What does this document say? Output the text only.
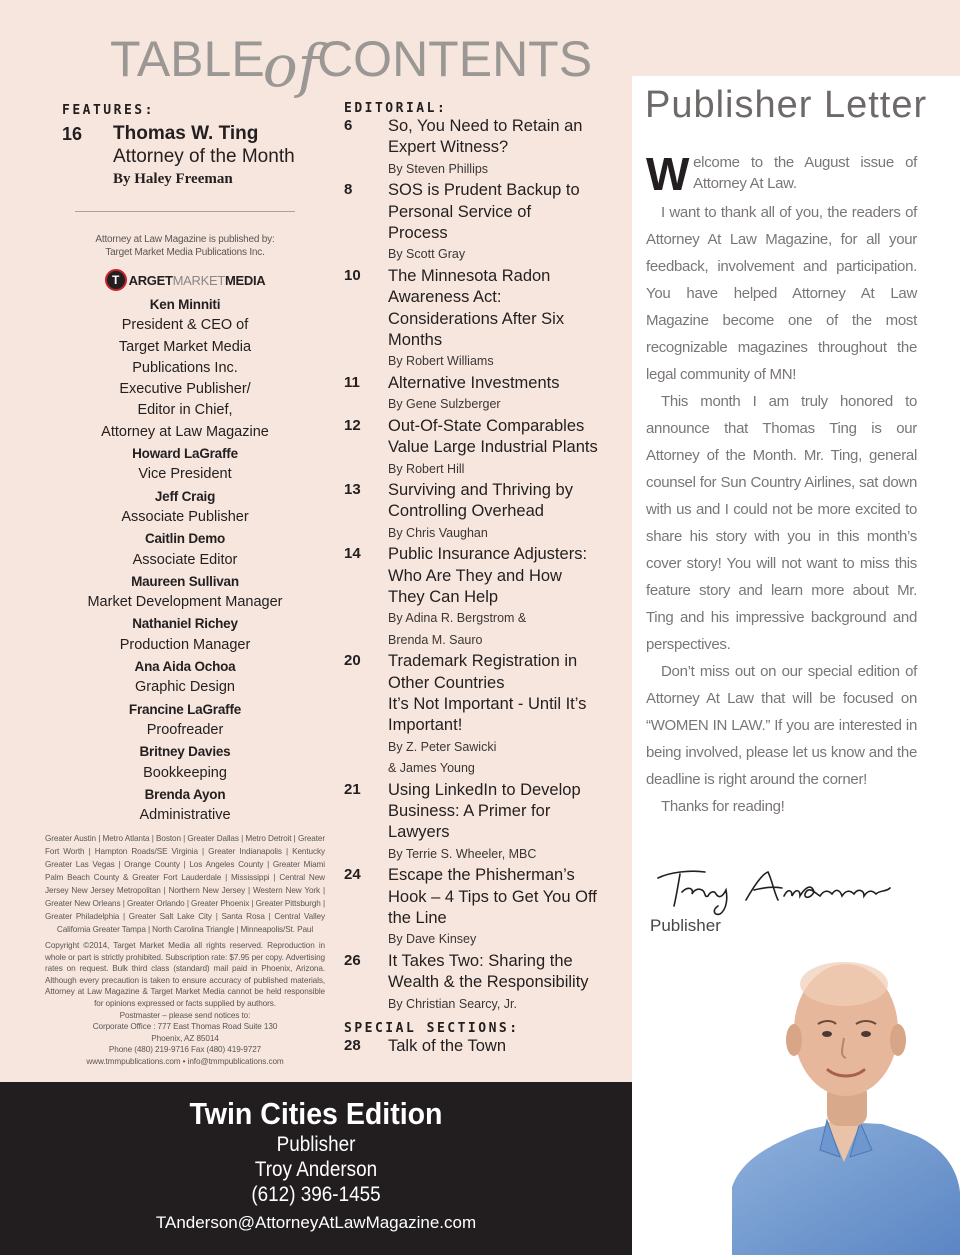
TABLEofCONTENTS
FEATURES:
16 Thomas W. Ting
Attorney of the Month
By Haley Freeman
Attorney at Law Magazine is published by:
Target Market Media Publications Inc.
T ARGETMARKETMEDIA
Ken Minniti
President & CEO of
Target Market Media
Publications Inc.
Executive Publisher/
Editor in Chief,
Attorney at Law Magazine
Howard LaGraffe
Vice President
Jeff Craig
Associate Publisher
Caitlin Demo
Associate Editor
Maureen Sullivan
Market Development Manager
Nathaniel Richey
Production Manager
Ana Aida Ochoa
Graphic Design
Francine LaGraffe
Proofreader
Britney Davies
Bookkeeping
Brenda Ayon
Administrative
Greater Austin | Metro Atlanta | Boston | Greater Dallas | Metro Detroit | Greater Fort Worth | Hampton Roads/SE Virginia | Greater Indianapolis | Kentucky Greater Las Vegas | Orange County | Los Angeles County | Greater Miami Palm Beach County & Greater Fort Lauderdale | Mississippi | Central New Jersey New Jersey Metropolitan | Northern New Jersey | Western New York | Greater New Orleans | Greater Orlando | Greater Phoenix | Greater Pittsburgh | Greater Philadelphia | Greater Salt Lake City | Santa Rosa | Central Valley California Greater Tampa | North Carolina Triangle | Minneapolis/St. Paul
Copyright ©2014, Target Market Media all rights reserved. Reproduction in whole or part is strictly prohibited. Subscription rate: $7.95 per copy. Advertising rates on request. Bulk third class (standard) mail paid in Phoenix, Arizona. Although every precaution is taken to ensure accuracy of published materials, Attorney at Law Magazine & Target Market Media cannot be held responsible for opinions expressed or facts supplied by authors.
Postmaster – please send notices to:
Corporate Office : 777 East Thomas Road Suite 130
Phoenix, AZ 85014
Phone (480) 219-9716 Fax (480) 419-9727
www.tmmpublications.com • info@tmmpublications.com
EDITORIAL:
6 So, You Need to Retain an
Expert Witness?
By Steven Phillips
8 SOS is Prudent Backup to
Personal Service of
Process
By Scott Gray
10 The Minnesota Radon
Awareness Act:
Considerations After Six
Months
By Robert Williams
11 Alternative Investments
By Gene Sulzberger
12 Out-Of-State Comparables
Value Large Industrial Plants
By Robert Hill
13 Surviving and Thriving by
Controlling Overhead
By Chris Vaughan
14 Public Insurance Adjusters:
Who Are They and How
They Can Help
By Adina R. Bergstrom &
Brenda M. Sauro
20 Trademark Registration in
Other Countries
It’s Not Important - Until It’s
Important!
By Z. Peter Sawicki
& James Young
21 Using LinkedIn to Develop
Business: A Primer for
Lawyers
By Terrie S. Wheeler, MBC
24 Escape the Phisherman’s
Hook – 4 Tips to Get You Off
the Line
By Dave Kinsey
26 It Takes Two: Sharing the
Wealth & the Responsibility
By Christian Searcy, Jr.
SPECIAL SECTIONS:
28 Talk of the Town
Twin Cities Edition
Publisher
Troy Anderson
(612) 396-1455
TAnderson@AttorneyAtLawMagazine.com
Publisher Letter

Welcome to the August issue of Attorney At Law.

I want to thank all of you, the readers of Attorney At Law Magazine, for all your feedback, involvement and participation. You have helped Attorney At Law Magazine become one of the most recognizable magazines throughout the legal community of MN!

This month I am truly honored to announce that Thomas Ting is our Attorney of the Month. Mr. Ting, general counsel for Sun Country Airlines, sat down with us and I could not be more excited to share his story with you in this month’s cover story! You will not want to miss this feature story and learn more about Mr. Ting and his impressive background and perspectives.

Don’t miss out on our special edition of Attorney At Law that will be focused on “WOMEN IN LAW.” If you are interested in being involved, please let us know and the deadline is right around the corner!

Thanks for reading!

Publisher
